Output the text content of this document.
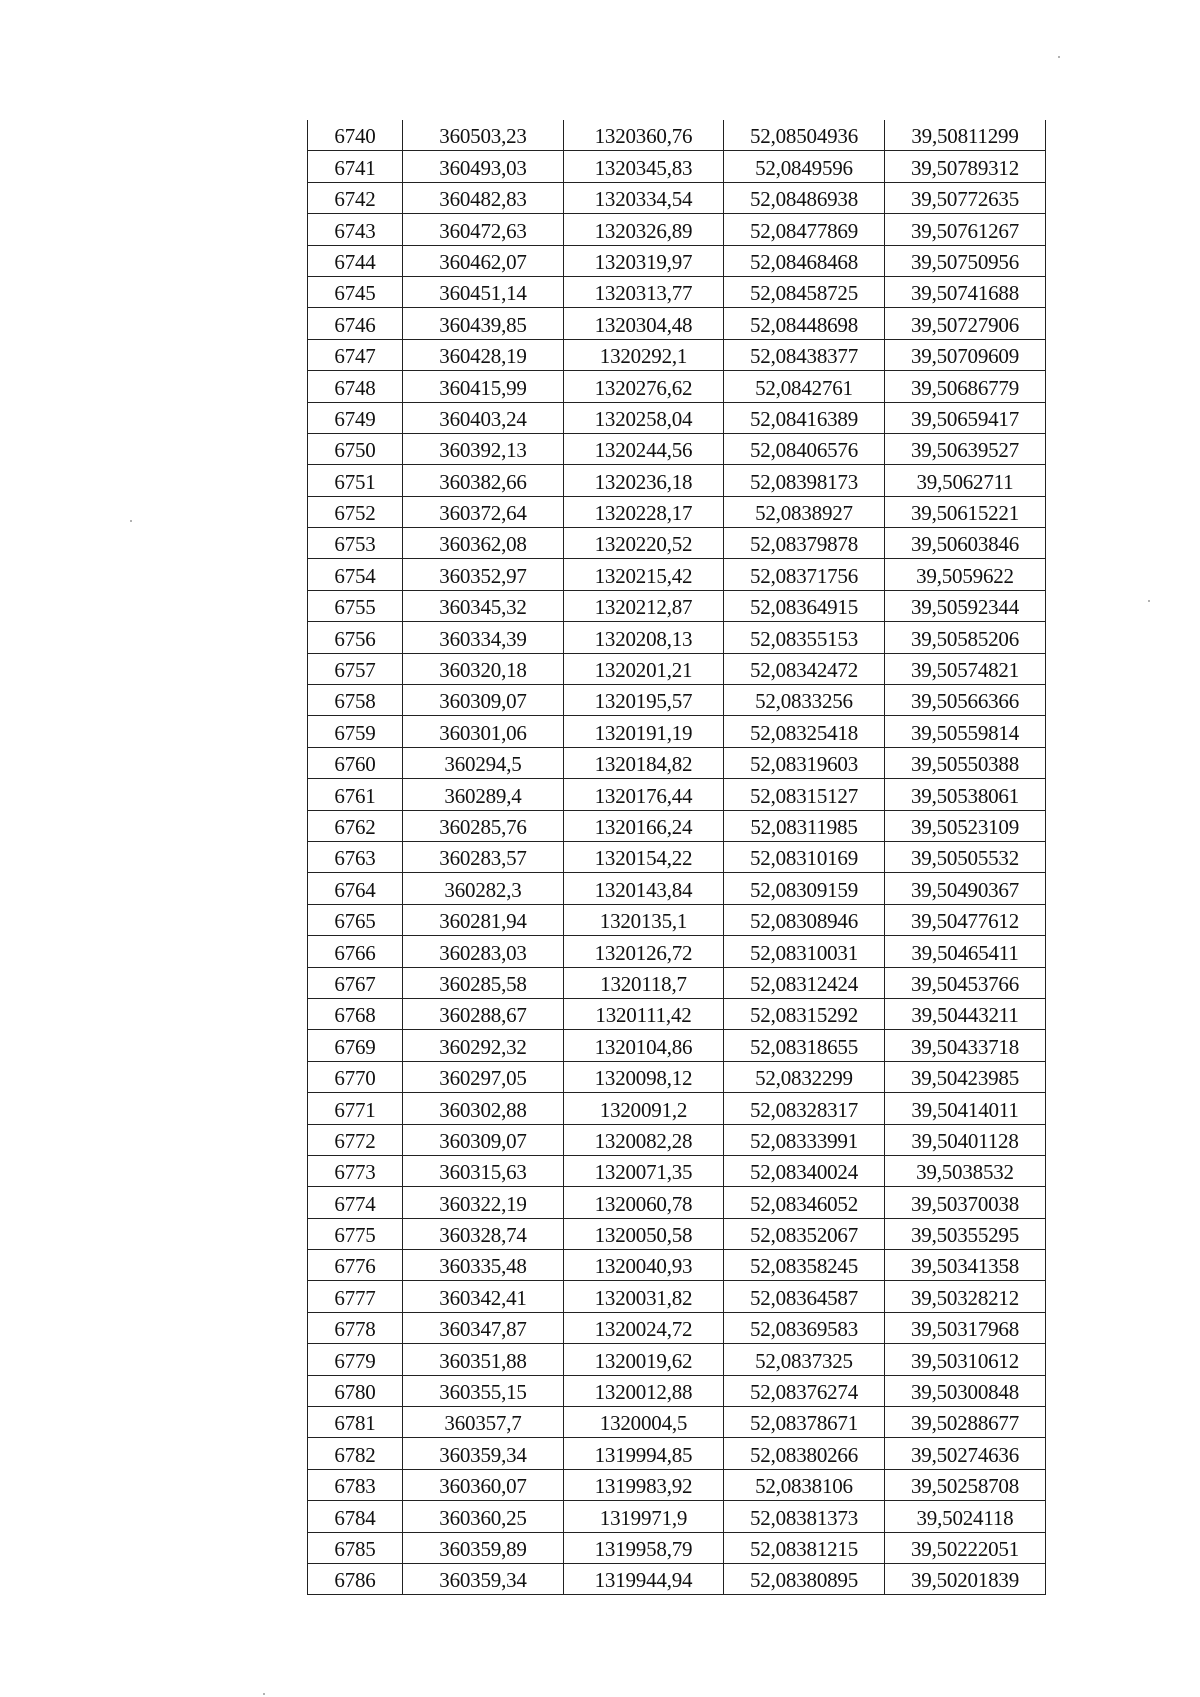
6740	360503,23	1320360,76	52,08504936	39,50811299
6741	360493,03	1320345,83	52,0849596	39,50789312
6742	360482,83	1320334,54	52,08486938	39,50772635
6743	360472,63	1320326,89	52,08477869	39,50761267
6744	360462,07	1320319,97	52,08468468	39,50750956
6745	360451,14	1320313,77	52,08458725	39,50741688
6746	360439,85	1320304,48	52,08448698	39,50727906
6747	360428,19	1320292,1	52,08438377	39,50709609
6748	360415,99	1320276,62	52,0842761	39,50686779
6749	360403,24	1320258,04	52,08416389	39,50659417
6750	360392,13	1320244,56	52,08406576	39,50639527
6751	360382,66	1320236,18	52,08398173	39,5062711
6752	360372,64	1320228,17	52,0838927	39,50615221
6753	360362,08	1320220,52	52,08379878	39,50603846
6754	360352,97	1320215,42	52,08371756	39,5059622
6755	360345,32	1320212,87	52,08364915	39,50592344
6756	360334,39	1320208,13	52,08355153	39,50585206
6757	360320,18	1320201,21	52,08342472	39,50574821
6758	360309,07	1320195,57	52,0833256	39,50566366
6759	360301,06	1320191,19	52,08325418	39,50559814
6760	360294,5	1320184,82	52,08319603	39,50550388
6761	360289,4	1320176,44	52,08315127	39,50538061
6762	360285,76	1320166,24	52,08311985	39,50523109
6763	360283,57	1320154,22	52,08310169	39,50505532
6764	360282,3	1320143,84	52,08309159	39,50490367
6765	360281,94	1320135,1	52,08308946	39,50477612
6766	360283,03	1320126,72	52,08310031	39,50465411
6767	360285,58	1320118,7	52,08312424	39,50453766
6768	360288,67	1320111,42	52,08315292	39,50443211
6769	360292,32	1320104,86	52,08318655	39,50433718
6770	360297,05	1320098,12	52,0832299	39,50423985
6771	360302,88	1320091,2	52,08328317	39,50414011
6772	360309,07	1320082,28	52,08333991	39,50401128
6773	360315,63	1320071,35	52,08340024	39,5038532
6774	360322,19	1320060,78	52,08346052	39,50370038
6775	360328,74	1320050,58	52,08352067	39,50355295
6776	360335,48	1320040,93	52,08358245	39,50341358
6777	360342,41	1320031,82	52,08364587	39,50328212
6778	360347,87	1320024,72	52,08369583	39,50317968
6779	360351,88	1320019,62	52,0837325	39,50310612
6780	360355,15	1320012,88	52,08376274	39,50300848
6781	360357,7	1320004,5	52,08378671	39,50288677
6782	360359,34	1319994,85	52,08380266	39,50274636
6783	360360,07	1319983,92	52,0838106	39,50258708
6784	360360,25	1319971,9	52,08381373	39,5024118
6785	360359,89	1319958,79	52,08381215	39,50222051
6786	360359,34	1319944,94	52,08380895	39,50201839
